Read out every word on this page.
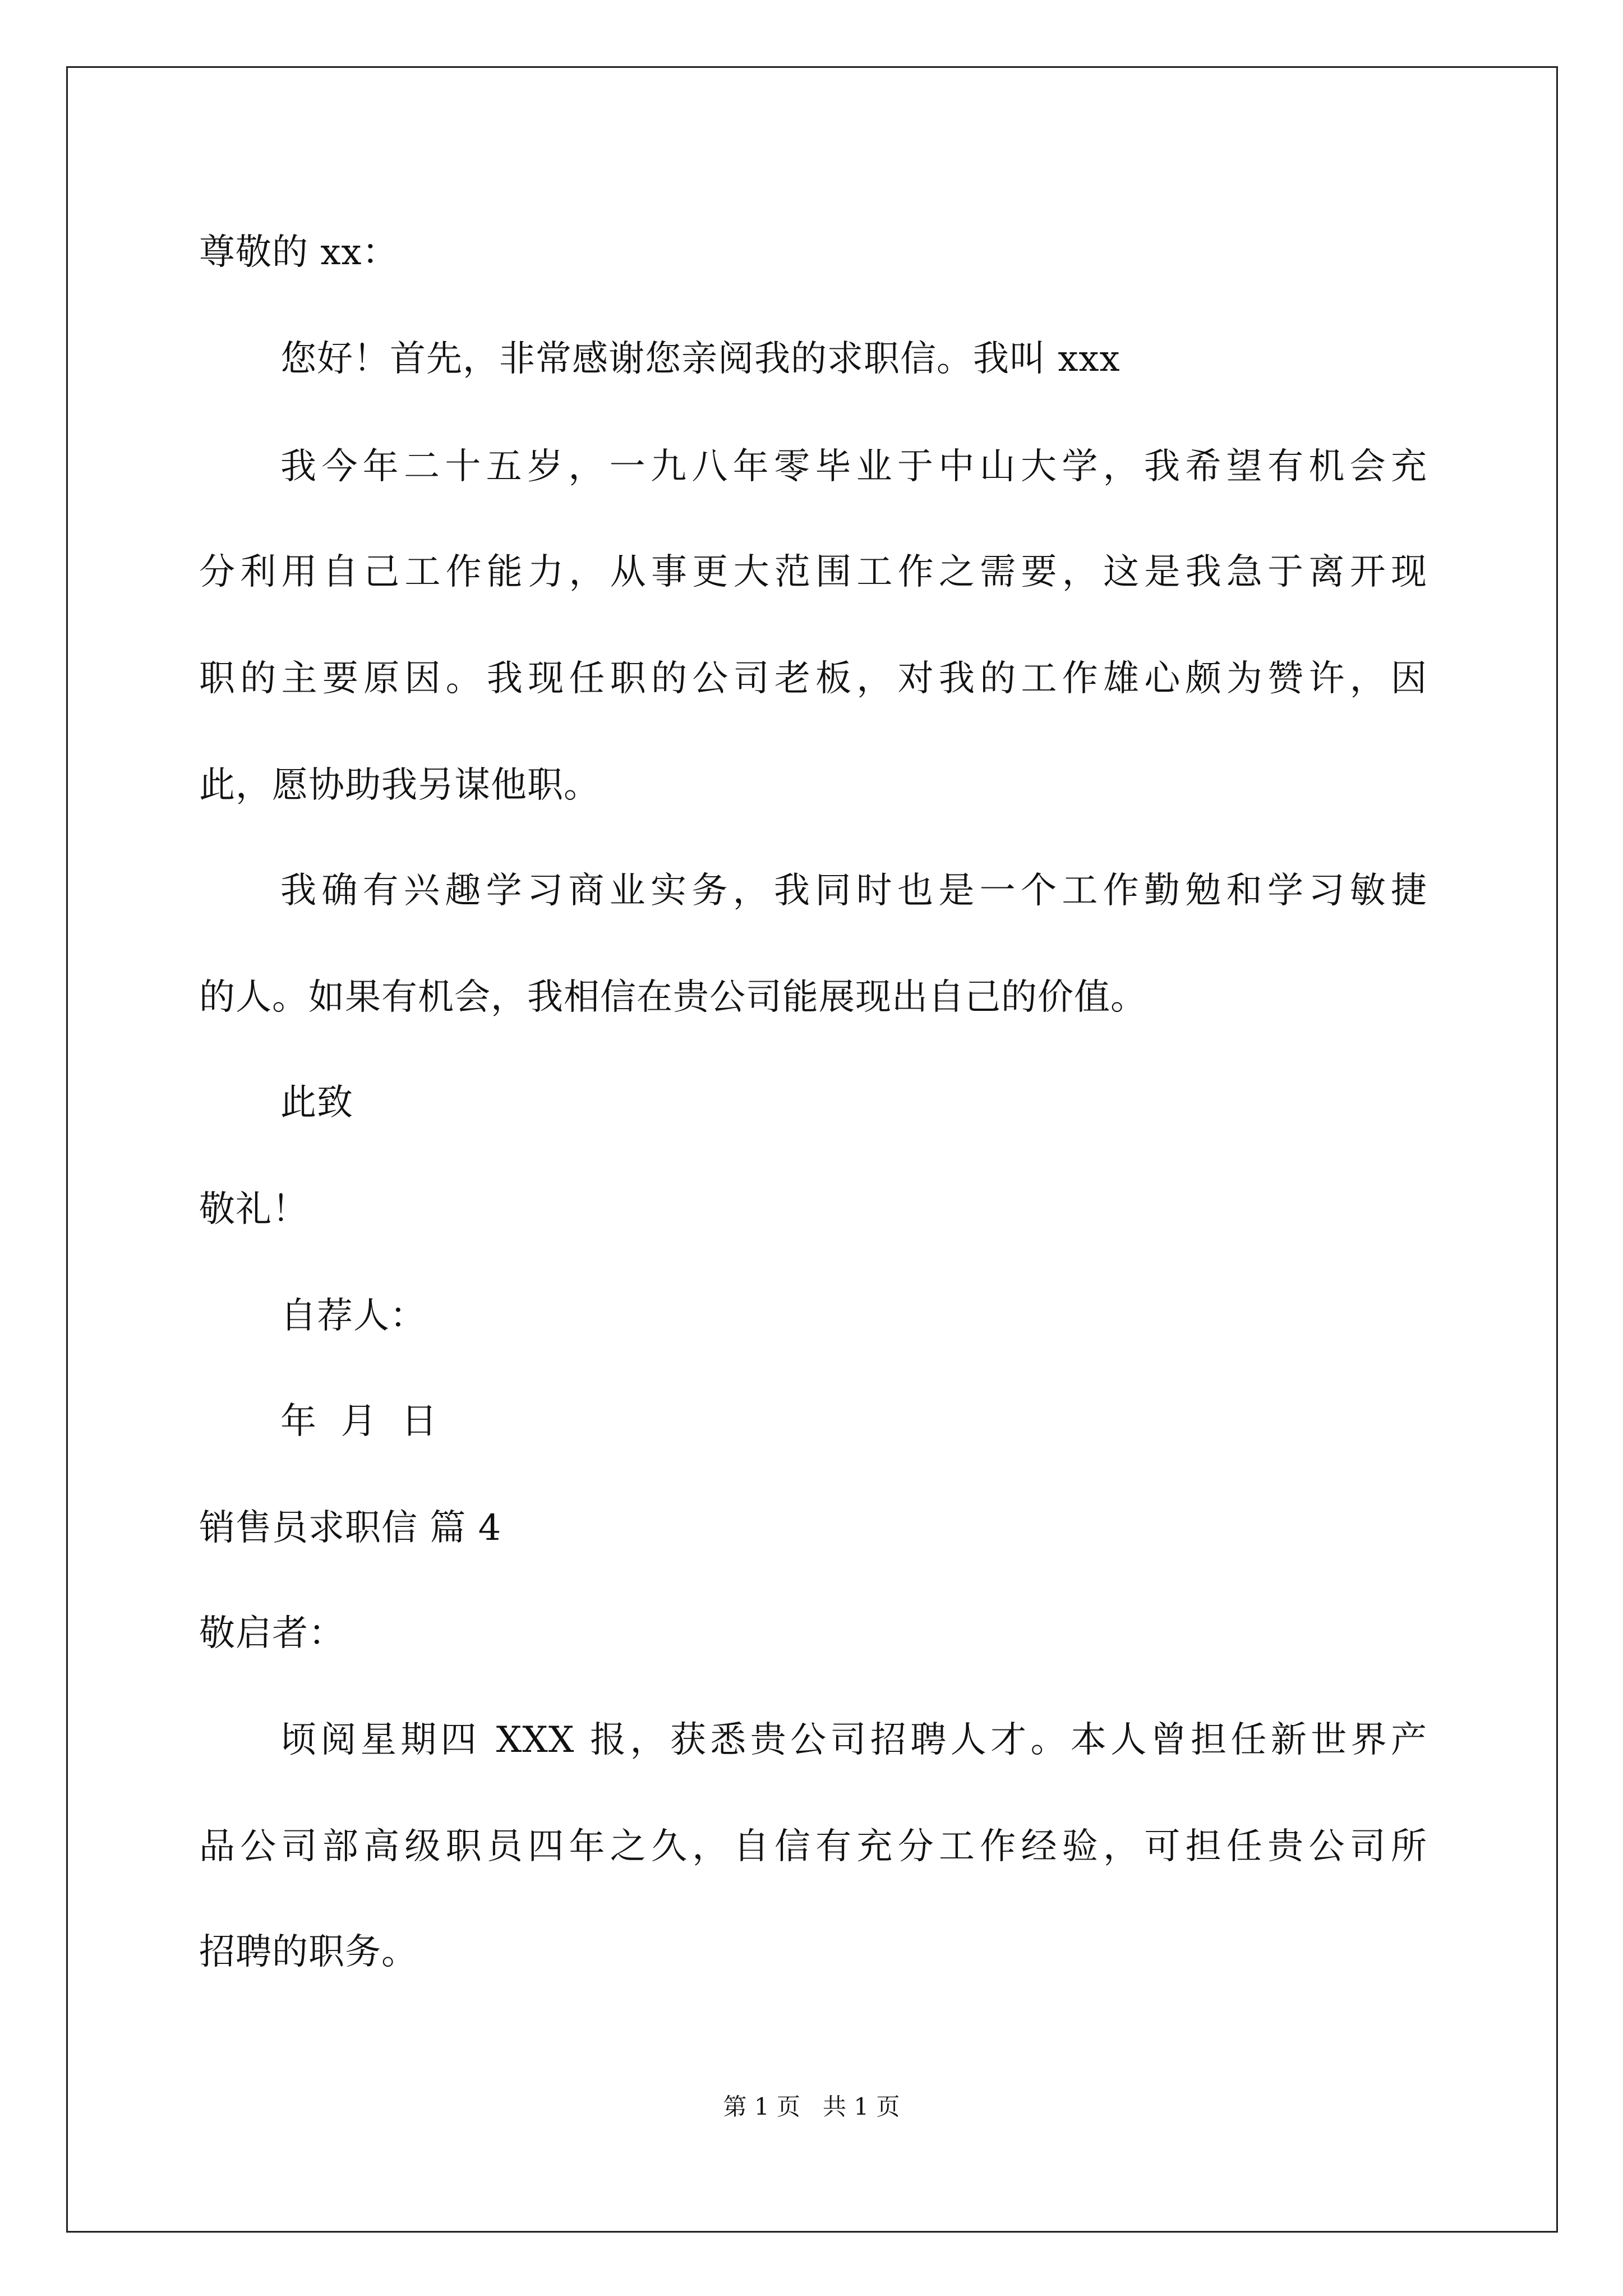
尊敬的 xx：
您好！首先，非常感谢您亲阅我的求职信。我叫 xxx
我今年二十五岁，一九八年零毕业于中山大学，我希望有机会充
分利用自己工作能力，从事更大范围工作之需要，这是我急于离开现
职的主要原因。我现任职的公司老板，对我的工作雄心颇为赞许，因
此，愿协助我另谋他职。
我确有兴趣学习商业实务，我同时也是一个工作勤勉和学习敏捷
的人。如果有机会，我相信在贵公司能展现出自己的价值。
此致
敬礼！
自荐人：
年  月  日
销售员求职信 篇 4
敬启者：
顷阅星期四 XXX 报，获悉贵公司招聘人才。本人曾担任新世界产
品公司部高级职员四年之久，自信有充分工作经验，可担任贵公司所
招聘的职务。
第 1 页   共 1 页
